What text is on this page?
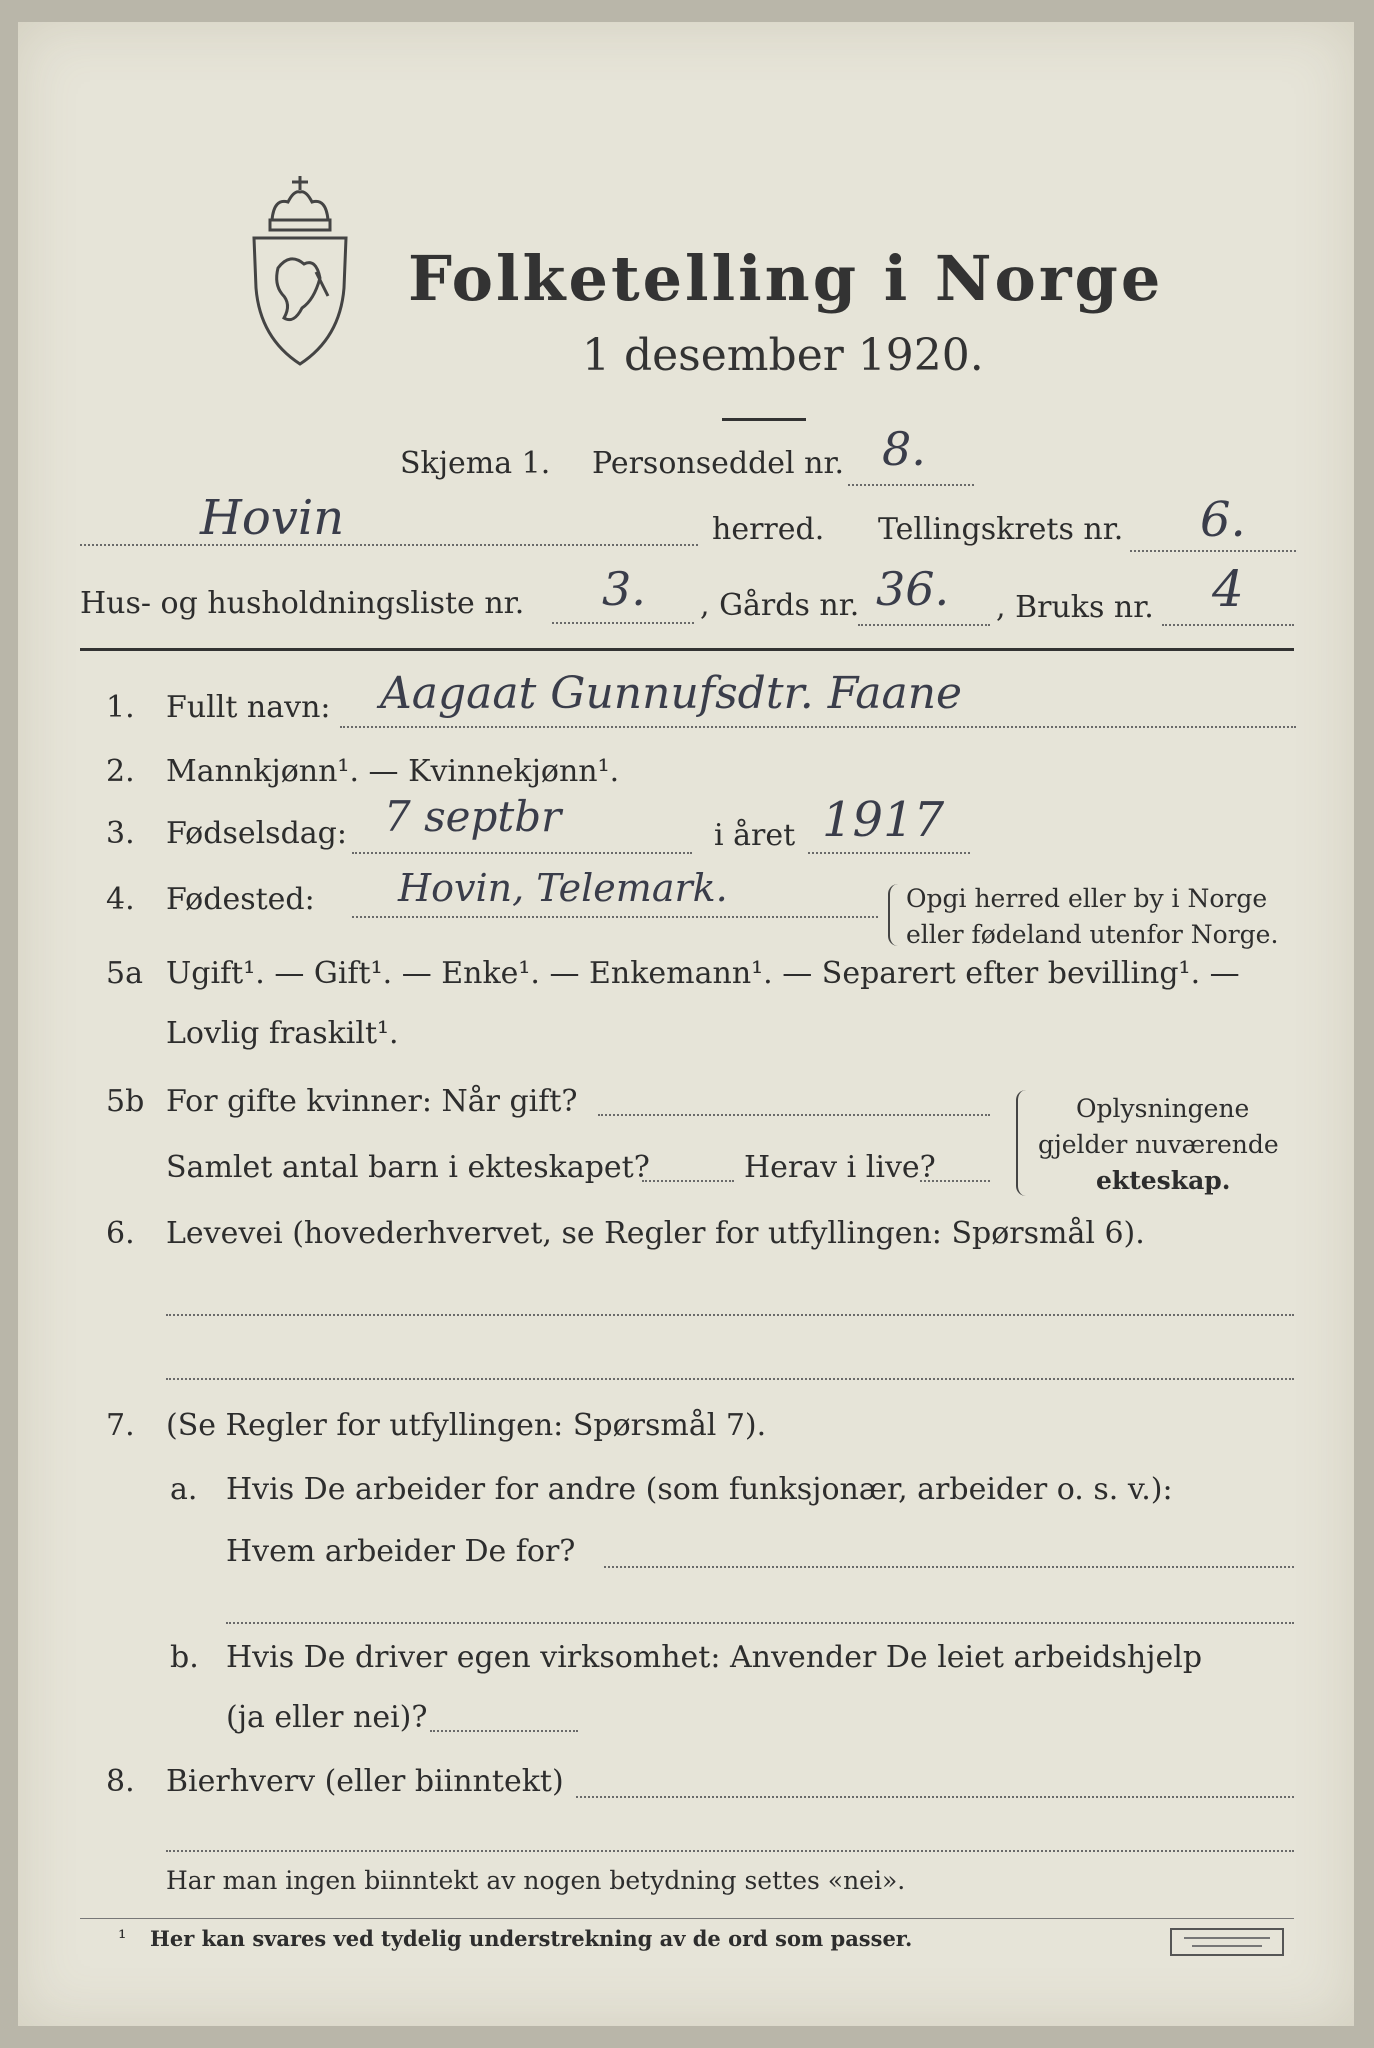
Folketelling i Norge
1 desember 1920.
Skjema 1. Personseddel nr. 8.
Hovin	herred. Tellingskrets nr. 6.
Hus- og husholdningsliste nr. 3. , Gårds nr. 36. , Bruks nr. 4
1. Fullt navn: Aagaat Gunnufsdtr. Faane
2. Mannkjønn¹. — Kvinnekjønn¹.
3. Fødselsdag: 7 septbr	i året 1917
4. Fødested: Hovin, Telemark.	Opgi herred eller by i Norge
eller fødeland utenfor Norge.
5a Ugift¹. — Gift¹. — Enke¹. — Enkemann¹. — Separert efter bevilling¹. —
Lovlig fraskilt¹.
5b For gifte kvinner: Når gift?
Samlet antal barn i ekteskapet?	Herav i live?
Oplysningene
gjelder nuværende
ekteskap.
6. Levevei (hovederhvervet, se Regler for utfyllingen: Spørsmål 6).
7. (Se Regler for utfyllingen: Spørsmål 7).
a. Hvis De arbeider for andre (som funksjonær, arbeider o. s. v.):
Hvem arbeider De for?
b. Hvis De driver egen virksomhet: Anvender De leiet arbeidshjelp
(ja eller nei)?
8. Bierhverv (eller biinntekt)
Har man ingen biinntekt av nogen betydning settes «nei».
¹ Her kan svares ved tydelig understrekning av de ord som passer.
